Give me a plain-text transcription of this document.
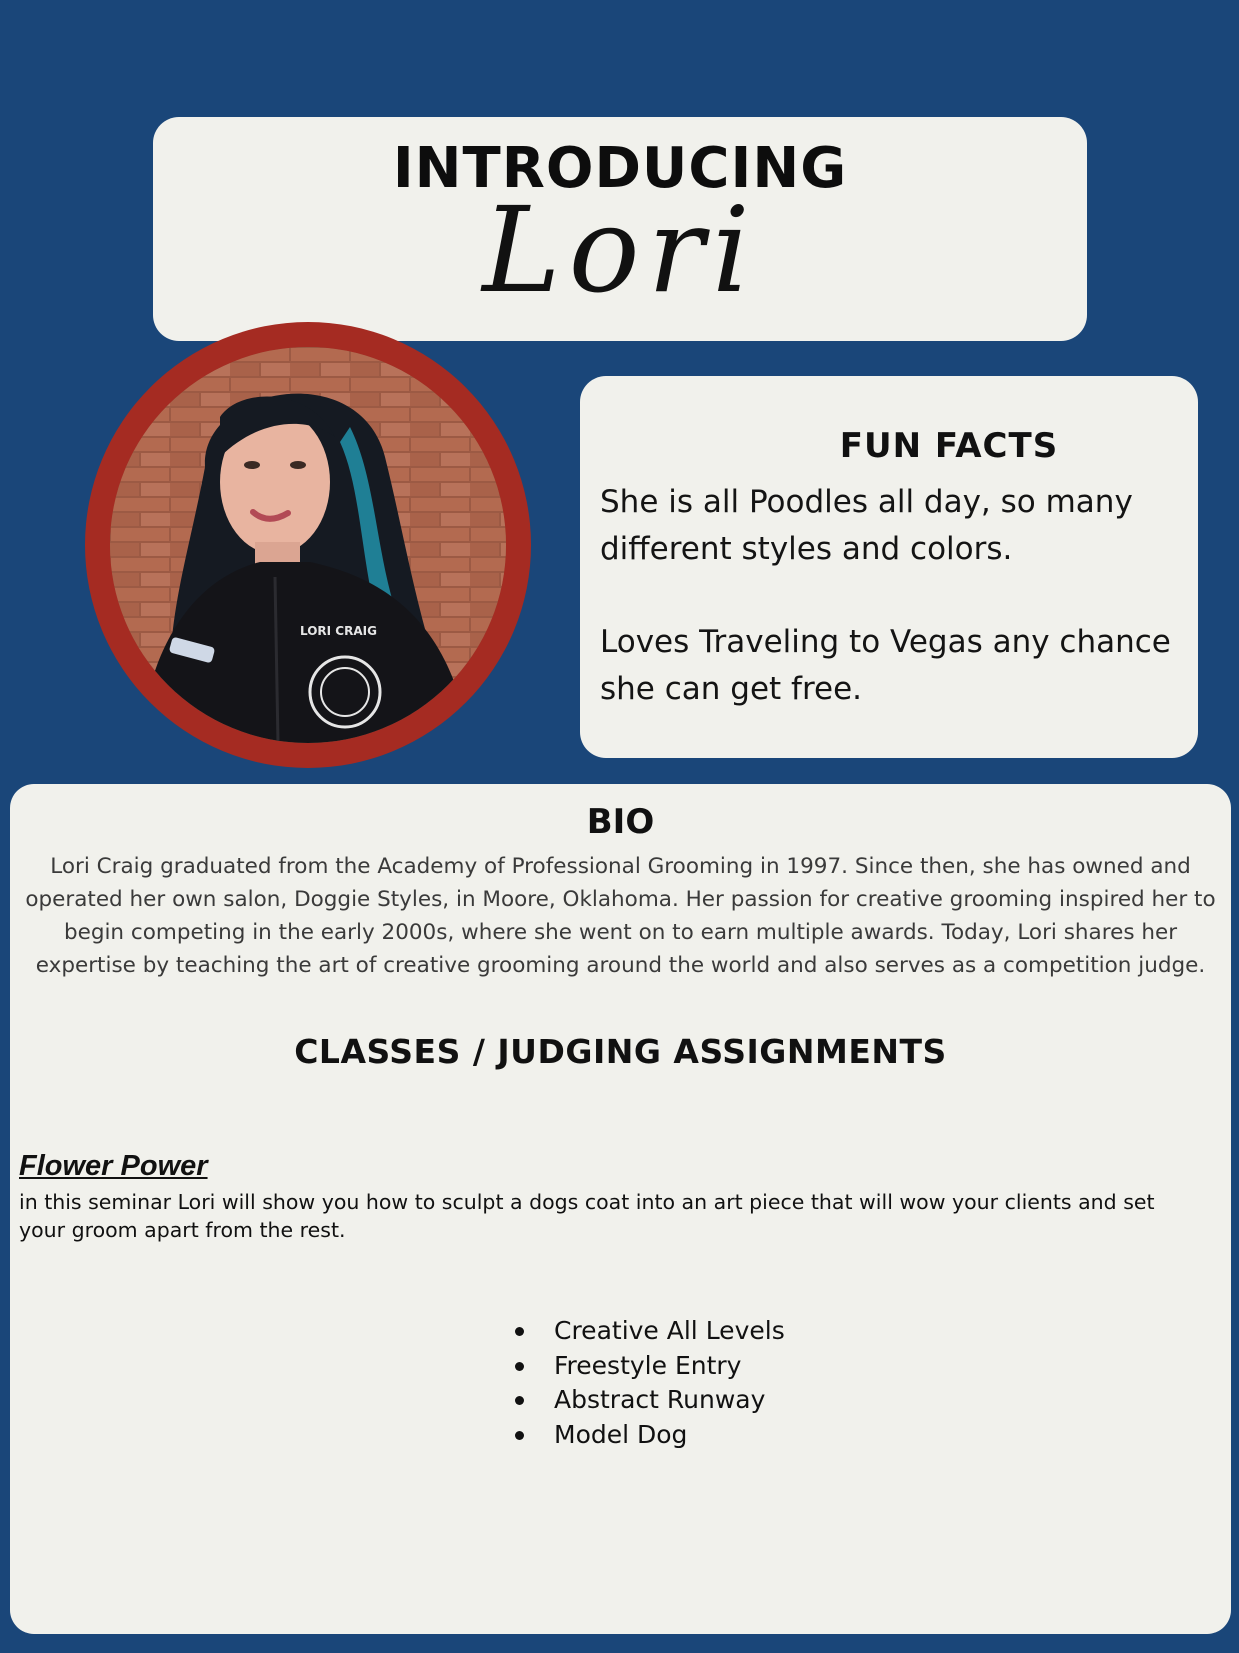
INTRODUCING
Lori
LORI CRAIG
FUN FACTS

She is all Poodles all day, so many different styles and colors.

Loves Traveling to Vegas any chance she can get free.

BIO
Lori Craig graduated from the Academy of Professional Grooming in 1997. Since then, she has owned and operated her own salon, Doggie Styles, in Moore, Oklahoma. Her passion for creative grooming inspired her to begin competing in the early 2000s, where she went on to earn multiple awards. Today, Lori shares her expertise by teaching the art of creative grooming around the world and also serves as a competition judge.
CLASSES / JUDGING ASSIGNMENTS
Flower Power
in this seminar Lori will show you how to sculpt a dogs coat into an art piece that will wow your clients and set your groom apart from the rest.
Creative All Levels
Freestyle Entry
Abstract Runway
Model Dog
